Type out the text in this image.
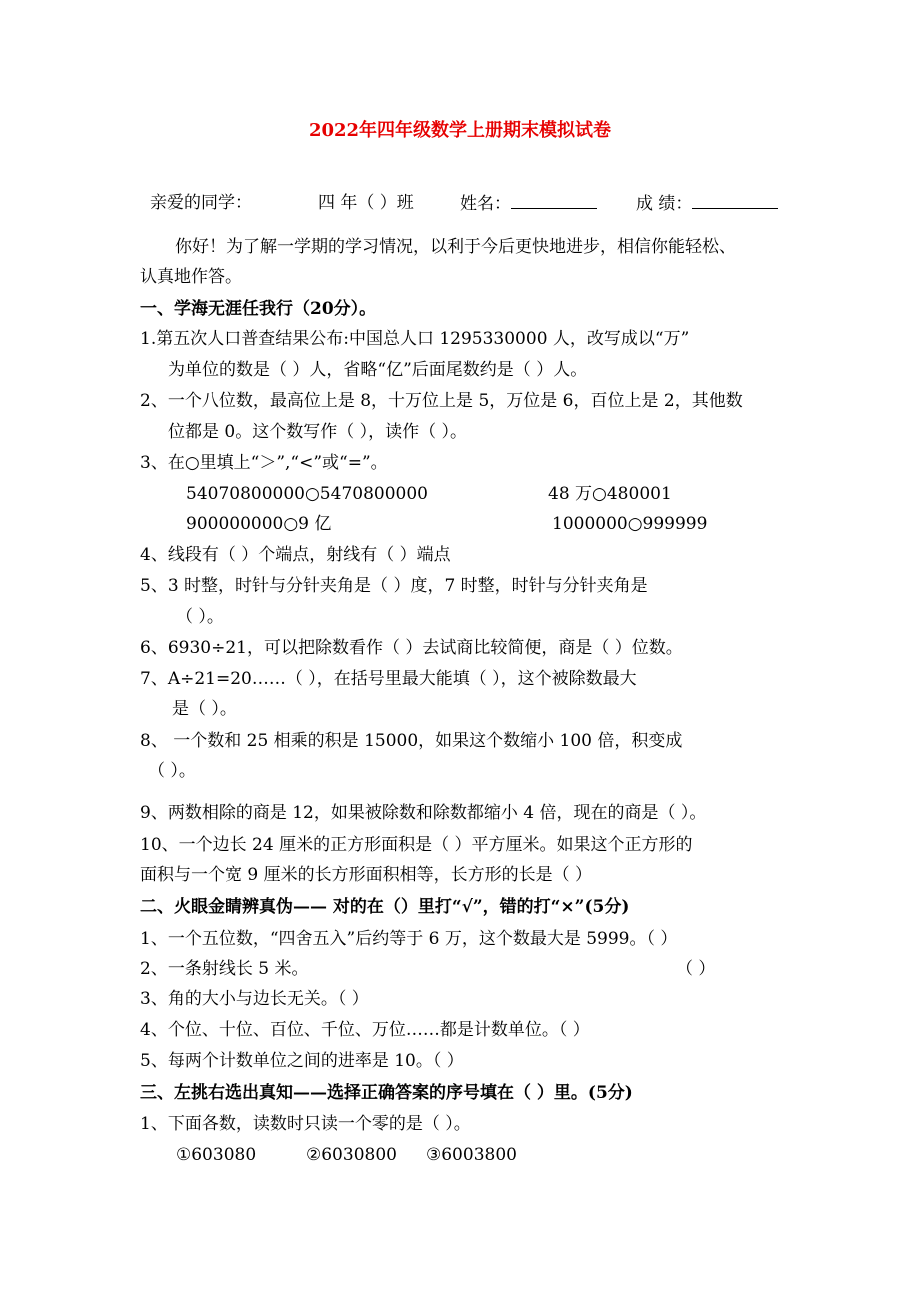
2022年四年级数学上册期末模拟试卷
亲爱的同学：	四 年（ ）班	姓名：	成 绩：
你好！为了解一学期的学习情况，以利于今后更快地进步，相信你能轻松、
认真地作答。
一、学海无涯任我行（20分）。
1.第五次人口普查结果公布:中国总人口 1295330000 人，改写成以“万”
为单位的数是（ ）人，省略“亿”后面尾数约是（ ）人。
2、一个八位数，最高位上是 8，十万位上是 5，万位是 6，百位上是 2，其他数
位都是 0。这个数写作（ ），读作（ ）。
3、在○里填上“＞”,“<”或“=”。
54070800000○5470800000	48 万○480001
900000000○9 亿	1000000○999999
4、线段有（ ）个端点，射线有（ ）端点
5、3 时整，时针与分针夹角是（ ）度，7 时整，时针与分针夹角是
（ ）。
6、6930÷21，可以把除数看作（ ）去试商比较简便，商是（ ）位数。
7、A÷21=20……（ ），在括号里最大能填（ ），这个被除数最大
是（ ）。
8、 一个数和 25 相乘的积是 15000，如果这个数缩小 100 倍，积变成
（ ）。
9、两数相除的商是 12，如果被除数和除数都缩小 4 倍，现在的商是（ ）。
10、一个边长 24 厘米的正方形面积是（ ）平方厘米。如果这个正方形的
面积与一个宽 9 厘米的长方形面积相等，长方形的长是（ ）
二、火眼金睛辨真伪—— 对的在（）里打“√”，错的打“×”(5分)
1、一个五位数，“四舍五入”后约等于 6 万，这个数最大是 5999。（ ）
2、一条射线长 5 米。	（ ）
3、角的大小与边长无关。（ ）
4、个位、十位、百位、千位、万位……都是计数单位。（ ）
5、每两个计数单位之间的进率是 10。（ ）
三、左挑右选出真知——选择正确答案的序号填在（ ）里。(5分)
1、下面各数，读数时只读一个零的是（ ）。
①603080	②6030800 ③6003800
